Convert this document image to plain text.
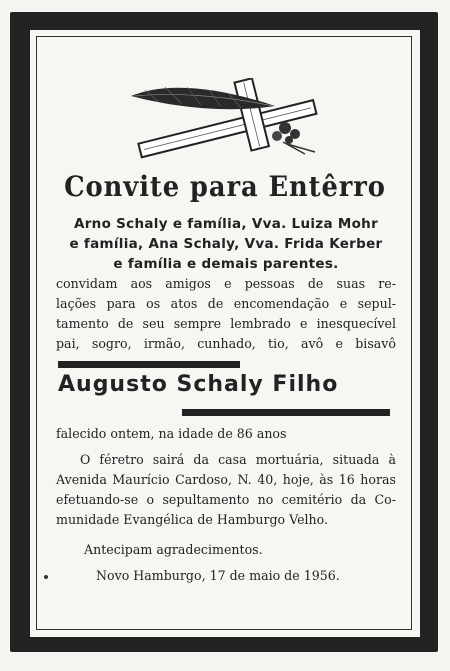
Convite para Entêrro
Arno Schaly e família, Vva. Luiza Mohr
e família, Ana Schaly, Vva. Frida Kerber
e família e demais parentes.
convidam aos amigos e pessoas de suas re-
lações para os atos de encomendação e sepul-
tamento de seu sempre lembrado e inesquecível
pai, sogro, irmão, cunhado, tio, avô e bisavô
Augusto Schaly Filho
falecido ontem, na idade de 86 anos
O féretro sairá da casa mortuária, situada à
Avenida Maurício Cardoso, N. 40, hoje, às 16 horas
efetuando-se o sepultamento no cemitério da Co-
munidade Evangélica de Hamburgo Velho.
Antecipam agradecimentos.
Novo Hamburgo, 17 de maio de 1956.
